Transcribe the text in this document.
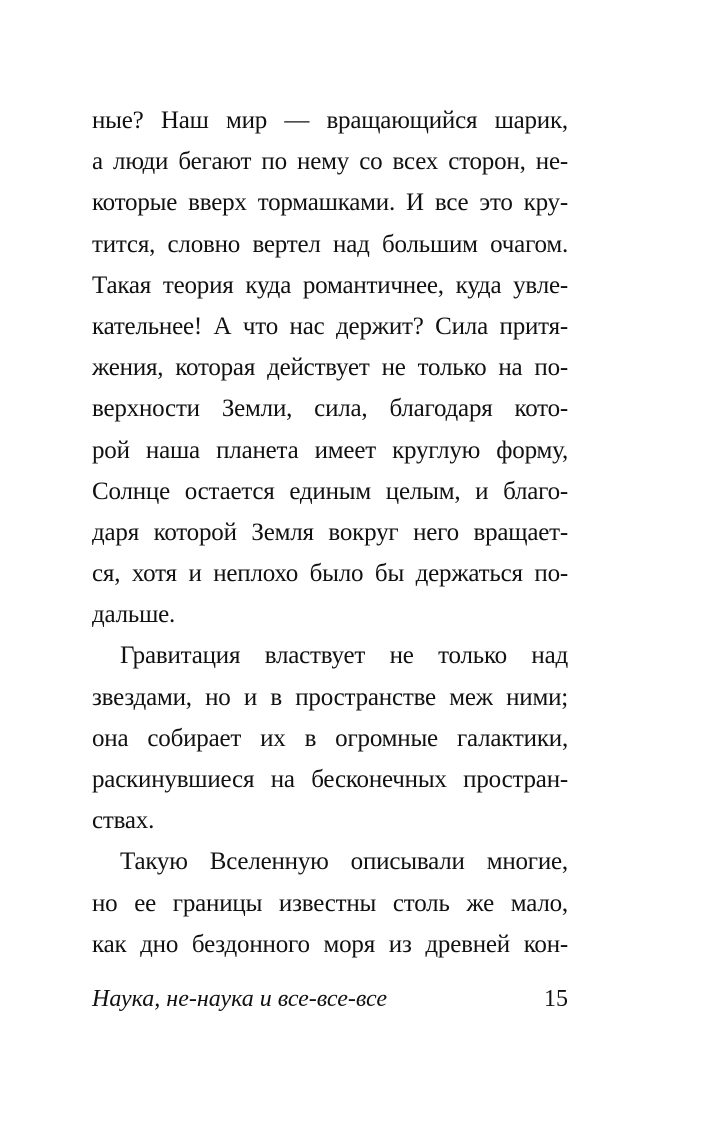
ные? Наш мир — вращающийся шарик,
а люди бегают по нему со всех сторон, не-
которые вверх тормашками. И все это кру-
тится, словно вертел над большим очагом.
Такая теория куда романтичнее, куда увле-
кательнее! А что нас держит? Сила притя-
жения, которая действует не только на по-
верхности Земли, сила, благодаря кото-
рой наша планета имеет круглую форму,
Солнце остается единым целым, и благо-
даря которой Земля вокруг него вращает-
ся, хотя и неплохо было бы держаться по-
дальше.
Гравитация властвует не только над
звездами, но и в пространстве меж ними;
она собирает их в огромные галактики,
раскинувшиеся на бесконечных простран-
ствах.
Такую Вселенную описывали многие,
но ее границы известны столь же мало,
как дно бездонного моря из древней кон-
Наука, не-наука и все-все-все	15
